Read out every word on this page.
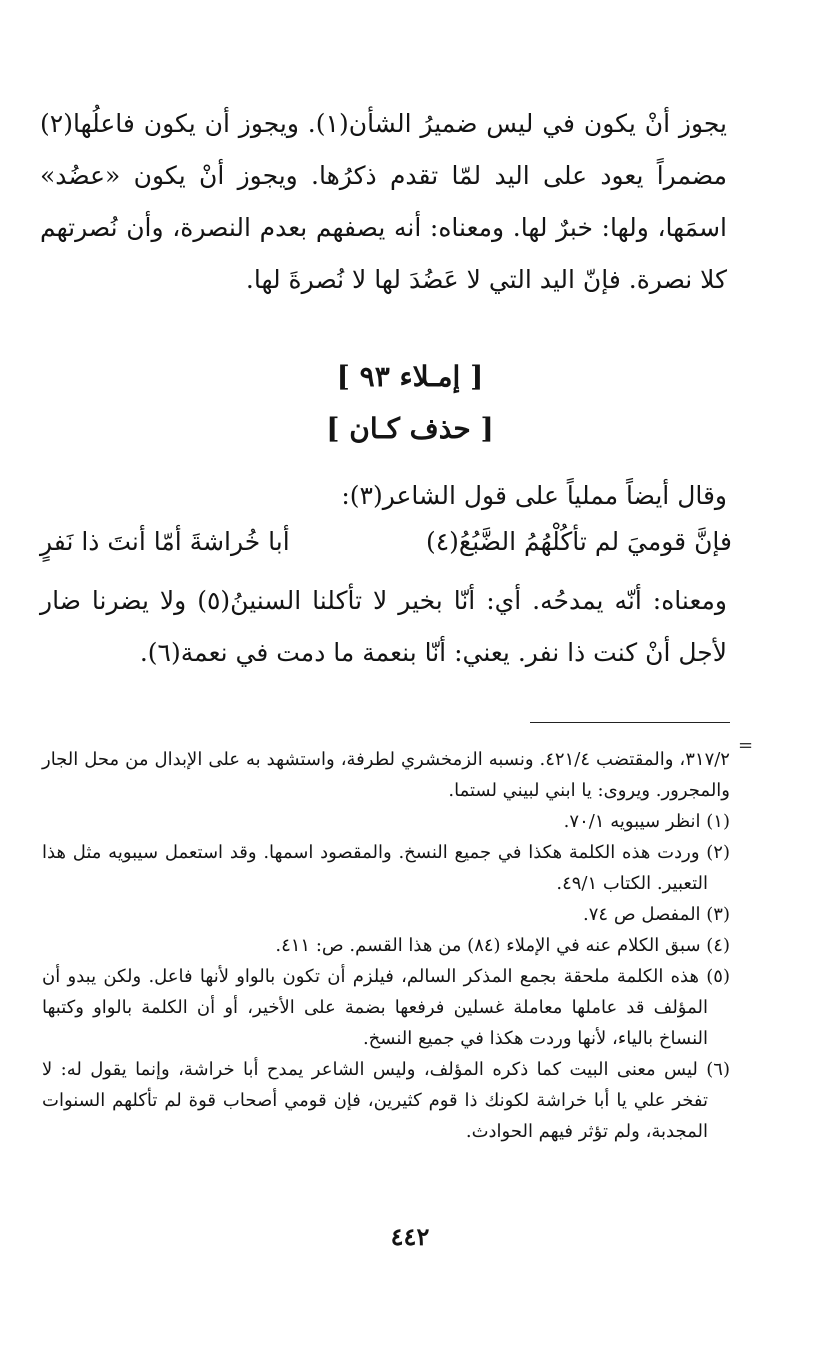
يجوز أنْ يكون في ليس ضميرُ الشأن(١). ويجوز أن يكون فاعلُها(٢) مضمراً يعود على اليد لمّا تقدم ذكرُها. ويجوز أنْ يكون «عضُد» اسمَها، ولها: خبرٌ لها. ومعناه: أنه يصفهم بعدم النصرة، وأن نُصرتهم كلا نصرة. فإنّ اليد التي لا عَضُدَ لها لا نُصرةَ لها.

[ إمـلاء ٩٣ ]
[ حذف كـان ]

وقال أيضاً مملياً على قول الشاعر(٣):

أبا خُراشةَ أمّا أنتَ ذا نَفرٍ	فإنَّ قوميَ لم تأكُلْهُمُ الضَّبُعُ(٤)

ومعناه: أنّه يمدحُه. أي: أنّا بخير لا تأكلنا السنينُ(٥) ولا يضرنا ضار لأجل أنْ كنت ذا نفر. يعني: أنّا بنعمة ما دمت في نعمة(٦).

=

٣١٧/٢، والمقتضب ٤٢١/٤. ونسبه الزمخشري لطرفة، واستشهد به على الإبدال من محل الجار والمجرور. ويروى: يا ابني لبيني لستما.

(١) انظر سيبويه ٧٠/١.

(٢) وردت هذه الكلمة هكذا في جميع النسخ. والمقصود اسمها. وقد استعمل سيبويه مثل هذا التعبير. الكتاب ٤٩/١.

(٣) المفصل ص ٧٤.

(٤) سبق الكلام عنه في الإملاء (٨٤) من هذا القسم. ص: ٤١١.

(٥) هذه الكلمة ملحقة بجمع المذكر السالم، فيلزم أن تكون بالواو لأنها فاعل. ولكن يبدو أن المؤلف قد عاملها معاملة غسلين فرفعها بضمة على الأخير، أو أن الكلمة بالواو وكتبها النساخ بالياء، لأنها وردت هكذا في جميع النسخ.

(٦) ليس معنى البيت كما ذكره المؤلف، وليس الشاعر يمدح أبا خراشة، وإنما يقول له: لا تفخر علي يا أبا خراشة لكونك ذا قوم كثيرين، فإن قومي أصحاب قوة لم تأكلهم السنوات المجدبة، ولم تؤثر فيهم الحوادث.

٤٤٢
